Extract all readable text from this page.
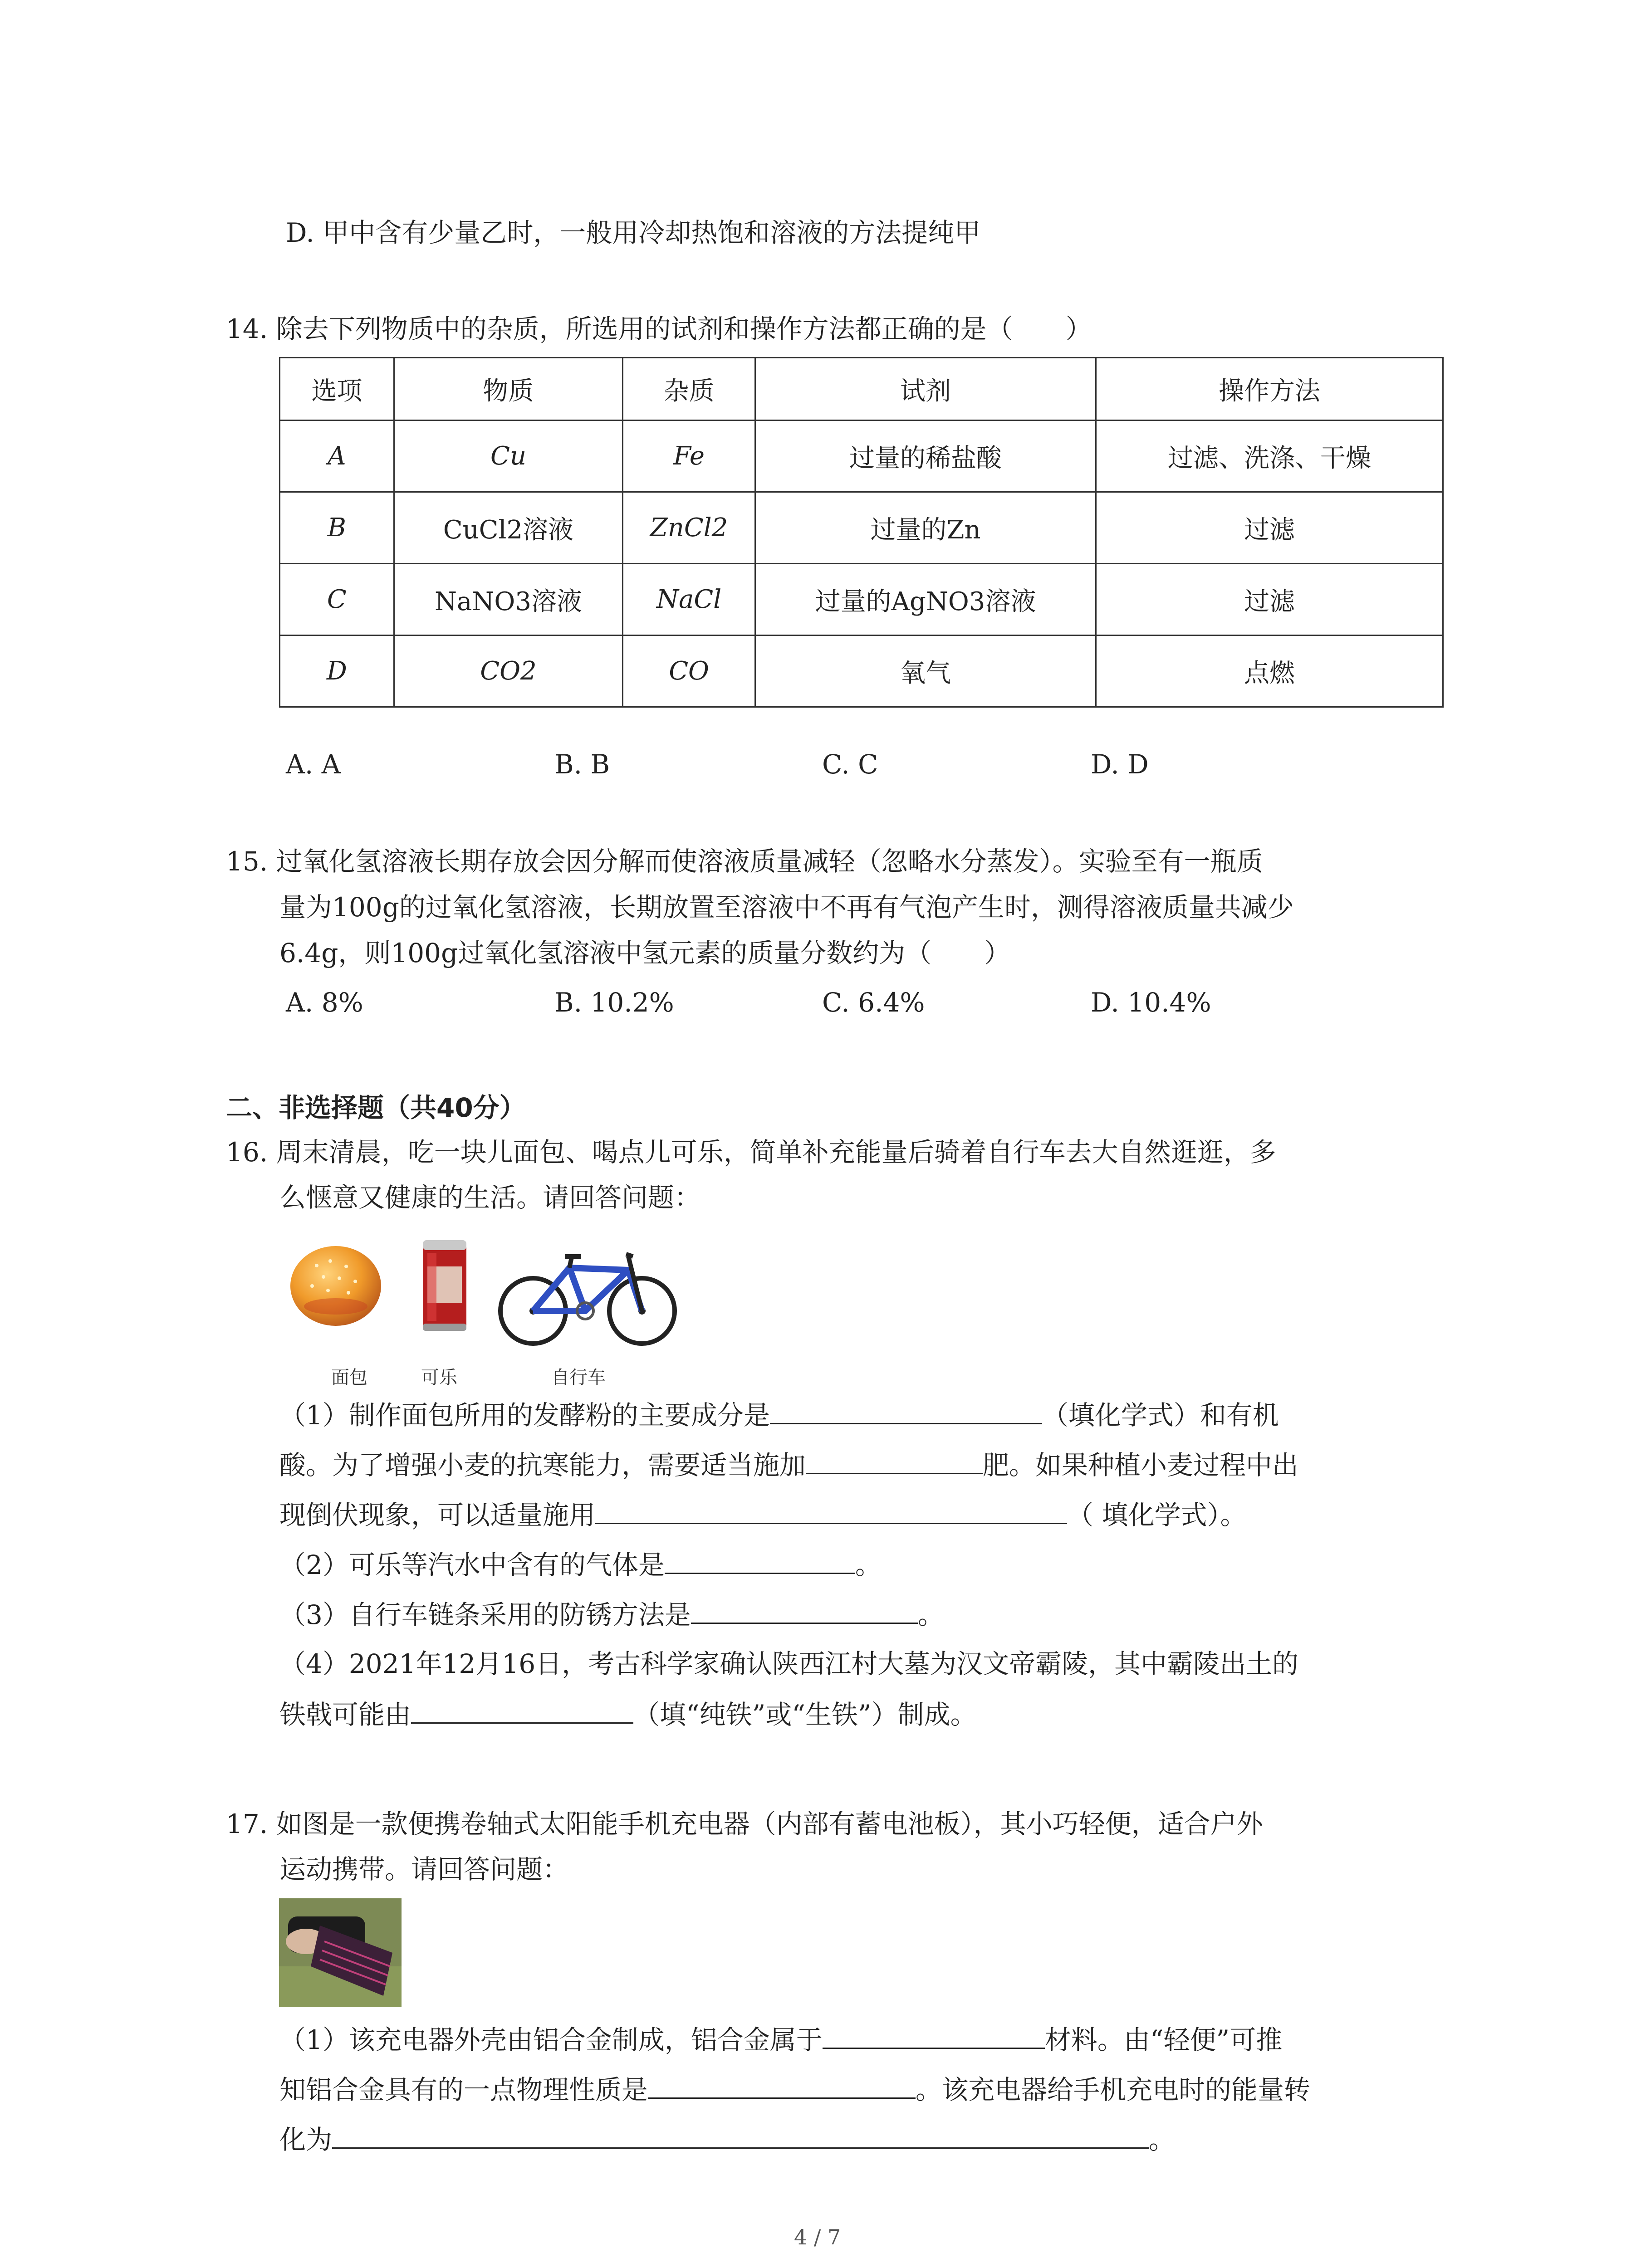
D. 甲中含有少量乙时，一般用冷却热饱和溶液的方法提纯甲
14. 除去下列物质中的杂质，所选用的试剂和操作方法都正确的是（　　）
选项	物质	杂质	试剂	操作方法
A	Cu	Fe	过量的稀盐酸	过滤、洗涤、干燥
B	CuCl2溶液	ZnCl2	过量的Zn	过滤
C	NaNO3溶液	NaCl	过量的AgNO3溶液	过滤
D	CO2	CO	氧气	点燃
A. A	B. B	C. C	D. D
15. 过氧化氢溶液长期存放会因分解而使溶液质量减轻（忽略水分蒸发）。实验至有一瓶质
量为100g的过氧化氢溶液，长期放置至溶液中不再有气泡产生时，测得溶液质量共减少
6.4g，则100g过氧化氢溶液中氢元素的质量分数约为（　　）
A. 8%	B. 10.2%	C. 6.4%	D. 10.4%
二、非选择题（共40分）
16. 周末清晨，吃一块儿面包、喝点儿可乐，简单补充能量后骑着自行车去大自然逛逛，多
么惬意又健康的生活。请回答问题：
面包	可乐	自行车
（1）制作面包所用的发酵粉的主要成分是	（填化学式）和有机
酸。为了增强小麦的抗寒能力，需要适当施加	肥。如果种植小麦过程中出
现倒伏现象，可以适量施用	（ 填化学式）。
（2）可乐等汽水中含有的气体是	。
（3）自行车链条采用的防锈方法是	。
（4）2021年12月16日，考古科学家确认陕西江村大墓为汉文帝霸陵，其中霸陵出土的
铁戟可能由	（填“纯铁”或“生铁”）制成。
17. 如图是一款便携卷轴式太阳能手机充电器（内部有蓄电池板），其小巧轻便，适合户外
运动携带。请回答问题：
（1）该充电器外壳由铝合金制成，铝合金属于	材料。由“轻便”可推
知铝合金具有的一点物理性质是	。该充电器给手机充电时的能量转
化为	。
4 / 7
